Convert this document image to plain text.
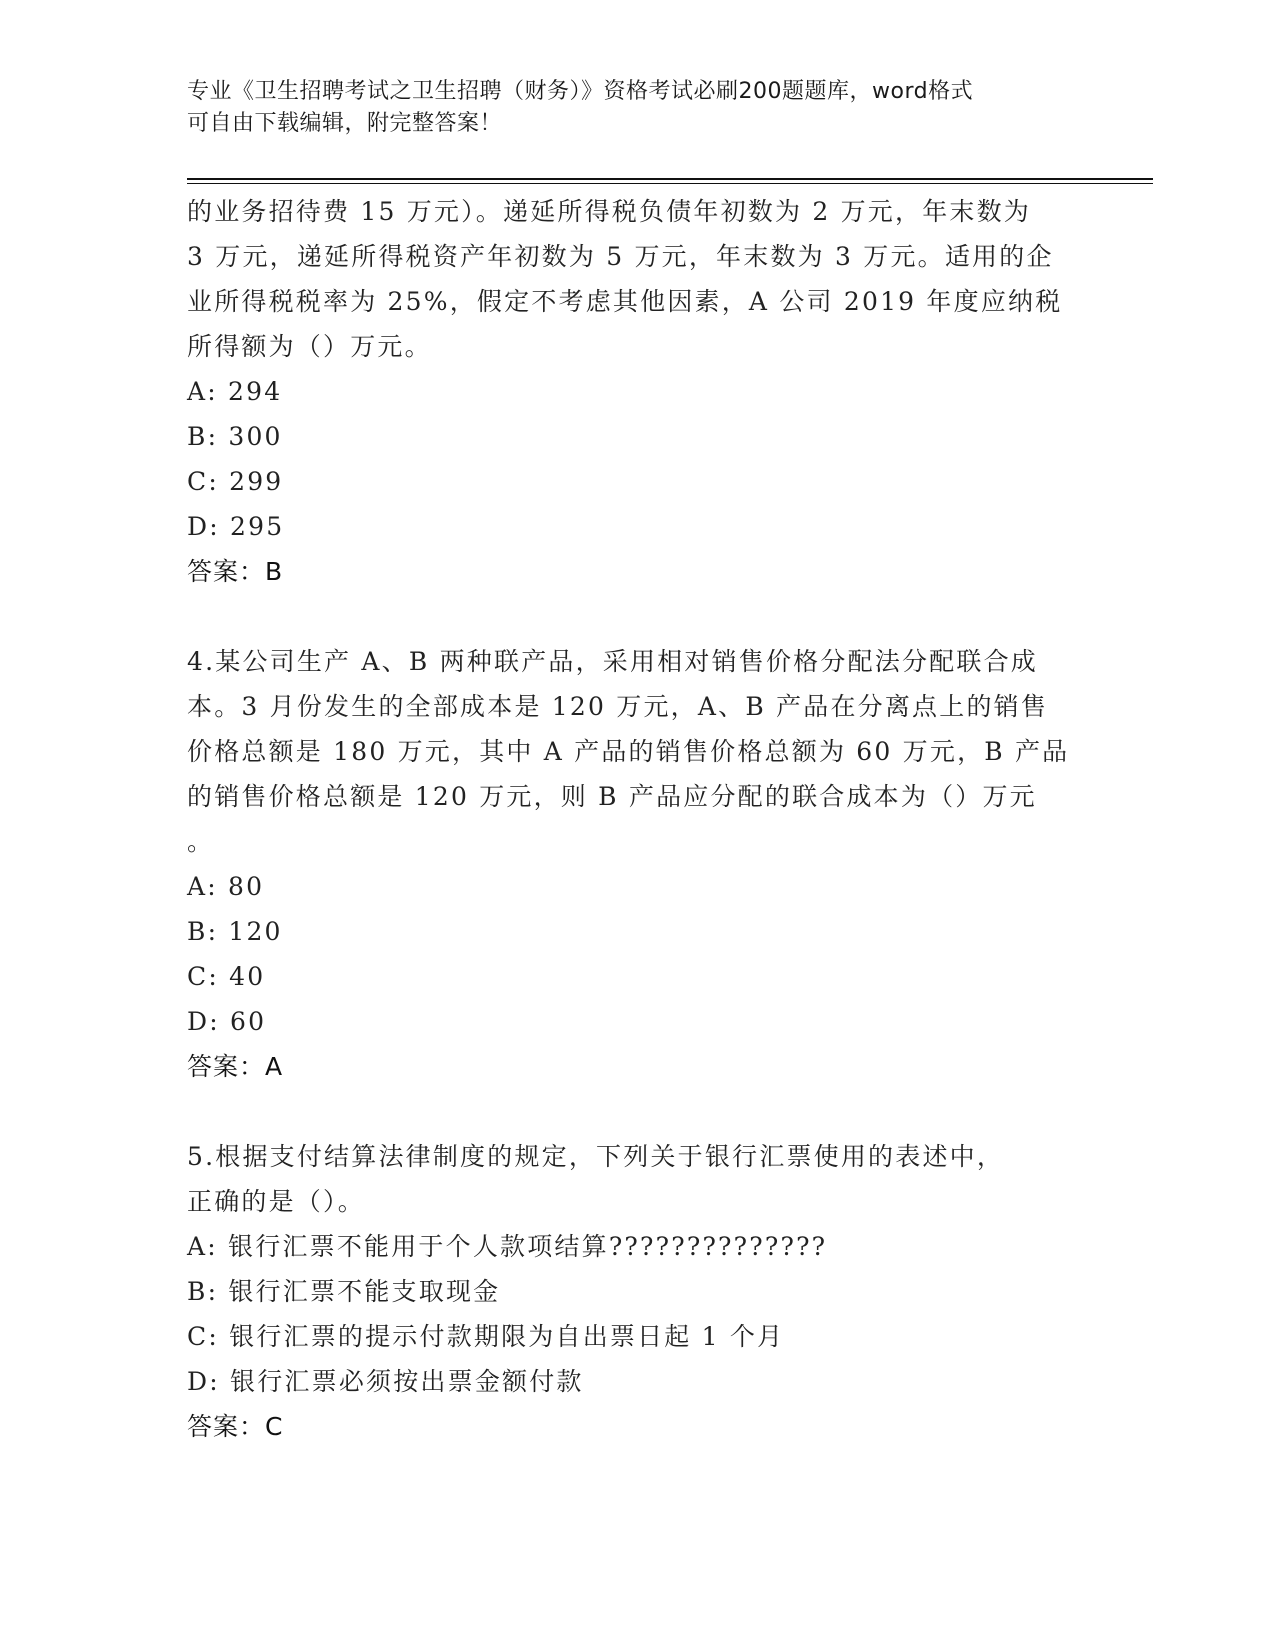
专业《卫生招聘考试之卫生招聘（财务）》资格考试必刷200题题库，word格式
可自由下载编辑，附完整答案！
的业务招待费 15 万元）。递延所得税负债年初数为 2 万元，年末数为
3 万元，递延所得税资产年初数为 5 万元，年末数为 3 万元。适用的企
业所得税税率为 25%，假定不考虑其他因素，A 公司 2019 年度应纳税
所得额为（）万元。
A: 294
B: 300
C: 299
D: 295
答案：B
4.某公司生产 A、B 两种联产品，采用相对销售价格分配法分配联合成
本。3 月份发生的全部成本是 120 万元，A、B 产品在分离点上的销售
价格总额是 180 万元，其中 A 产品的销售价格总额为 60 万元，B 产品
的销售价格总额是 120 万元，则 B 产品应分配的联合成本为（）万元
。
A: 80
B: 120
C: 40
D: 60
答案：A
5.根据支付结算法律制度的规定，下列关于银行汇票使用的表述中，
正确的是（）。
A: 银行汇票不能用于个人款项结算??????????????
B: 银行汇票不能支取现金
C: 银行汇票的提示付款期限为自出票日起 1 个月
D: 银行汇票必须按出票金额付款
答案：C
